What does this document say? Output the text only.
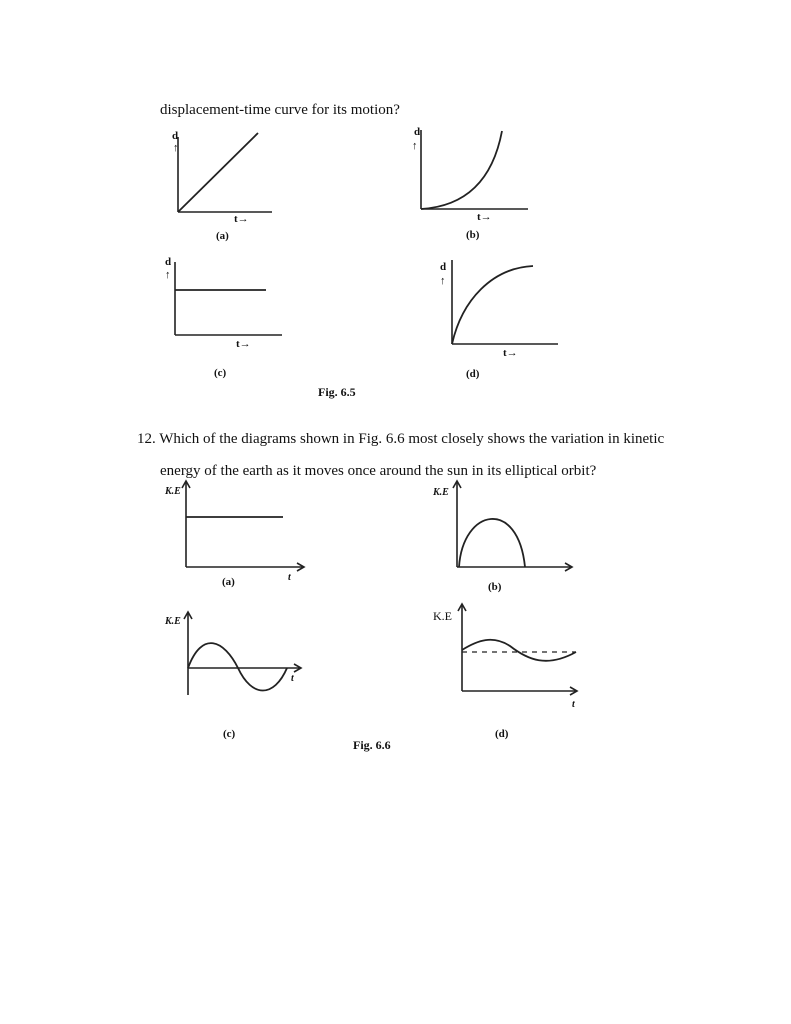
displacement-time curve for its motion?
d
↑
t→
(a)
d
↑
t→
(b)
d
↑
t→
(c)
d
↑
t→
(d)
K.E
t
(a)
K.E
(b)
K.E
t
(c)
K.E
t
(d)
Fig. 6.5
12. Which of the diagrams shown in Fig. 6.6 most closely shows the variation in kinetic
energy of the earth as it moves once around the sun in its elliptical orbit?
Fig. 6.6
